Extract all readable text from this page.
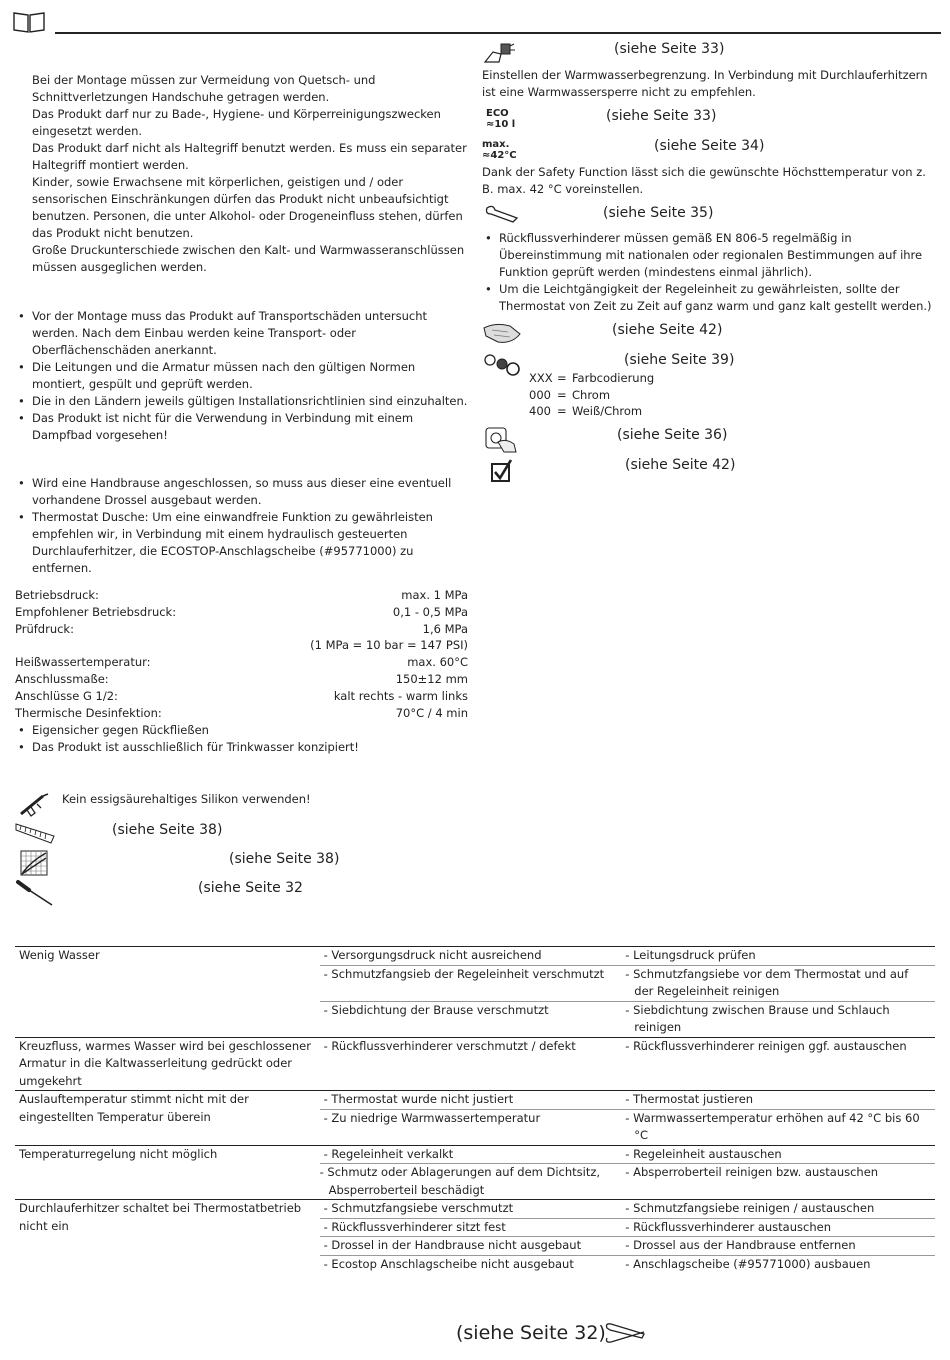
Bei der Montage müssen zur Vermeidung von Quetsch- und Schnittverletzungen Handschuhe getragen werden.

Das Produkt darf nur zu Bade-, Hygiene- und Körperreinigungszwecken eingesetzt werden.

Das Produkt darf nicht als Haltegriff benutzt werden. Es muss ein separater Haltegriff montiert werden.

Kinder, sowie Erwachsene mit körperlichen, geistigen und / oder sensorischen Einschränkungen dürfen das Produkt nicht unbeaufsichtigt benutzen. Personen, die unter Alkohol- oder Drogeneinfluss stehen, dürfen das Produkt nicht benutzen.

Große Druckunterschiede zwischen den Kalt- und Warmwasseranschlüssen müssen ausgeglichen werden.

• Vor der Montage muss das Produkt auf Transportschäden untersucht werden. Nach dem Einbau werden keine Transport- oder Oberflächenschäden anerkannt.
• Die Leitungen und die Armatur müssen nach den gültigen Normen montiert, gespült und geprüft werden.
• Die in den Ländern jeweils gültigen Installationsrichtlinien sind einzuhalten.
• Das Produkt ist nicht für die Verwendung in Verbindung mit einem Dampfbad vorgesehen!
• Wird eine Handbrause angeschlossen, so muss aus dieser eine eventuell vorhandene Drossel ausgebaut werden.
• Thermostat Dusche: Um eine einwandfreie Funktion zu gewährleisten empfehlen wir, in Verbindung mit einem hydraulisch gesteuerten Durchlauferhitzer, die ECOSTOP-Anschlagscheibe (#95771000) zu entfernen.
Betriebsdruck:	max. 1 MPa
Empfohlener Betriebsdruck:	0,1 - 0,5 MPa
Prüfdruck:	1,6 MPa
(1 MPa = 10 bar = 147 PSI)
Heißwassertemperatur:	max. 60°C
Anschlussmaße:	150±12 mm
Anschlüsse G 1/2:	kalt rechts - warm links
Thermische Desinfektion:	70°C / 4 min
• Eigensicher gegen Rückfließen
• Das Produkt ist ausschließlich für Trinkwasser konzipiert!
Kein essigsäurehaltiges Silikon verwenden!
(siehe Seite 38)
(siehe Seite 38)
(siehe Seite 32
(siehe Seite 33)
Einstellen der Warmwasserbegrenzung. In Verbindung mit Durchlauferhitzern ist eine Warmwassersperre nicht zu empfehlen.
ECO
≈10 l
(siehe Seite 33)
max.
≈42°C
(siehe Seite 34)
Dank der Safety Function lässt sich die gewünschte Höchsttemperatur von z. B. max. 42 °C voreinstellen.
(siehe Seite 35)
• Rückflussverhinderer müssen gemäß EN 806-5 regelmäßig in Übereinstimmung mit nationalen oder regionalen Bestimmungen auf ihre Funktion geprüft werden (mindestens einmal jährlich).
• Um die Leichtgängigkeit der Regeleinheit zu gewährleisten, sollte der Thermostat von Zeit zu Zeit auf ganz warm und ganz kalt gestellt werden.)
(siehe Seite 42)
(siehe Seite 39)
XXX = Farbcodierung
000 = Chrom
400 = Weiß/Chrom
(siehe Seite 36)
(siehe Seite 42)
Wenig Wasser	- Versorgungsdruck nicht ausreichend	- Leitungsdruck prüfen
	- Schmutzfangsieb der Regeleinheit verschmutzt	- Schmutzfangsiebe vor dem Thermostat und auf der Regeleinheit reinigen
	- Siebdichtung der Brause verschmutzt	- Siebdichtung zwischen Brause und Schlauch reinigen
Kreuzfluss, warmes Wasser wird bei geschlossener Armatur in die Kaltwasserleitung gedrückt oder umgekehrt	- Rückflussverhinderer verschmutzt / defekt	- Rückflussverhinderer reinigen ggf. austauschen
Auslauftemperatur stimmt nicht mit der eingestellten Temperatur überein	- Thermostat wurde nicht justiert	- Thermostat justieren
	- Zu niedrige Warmwassertemperatur	- Warmwassertemperatur erhöhen auf 42 °C bis 60 °C
Temperaturregelung nicht möglich	- Regeleinheit verkalkt	- Regeleinheit austauschen
	- Schmutz oder Ablagerungen auf dem Dichtsitz, Absperroberteil beschädigt	- Absperroberteil reinigen bzw. austauschen
Durchlauferhitzer schaltet bei Thermostatbetrieb nicht ein	- Schmutzfangsiebe verschmutzt	- Schmutzfangsiebe reinigen / austauschen
	- Rückflussverhinderer sitzt fest	- Rückflussverhinderer austauschen
	- Drossel in der Handbrause nicht ausgebaut	- Drossel aus der Handbrause entfernen
	- Ecostop Anschlagscheibe nicht ausgebaut	- Anschlagscheibe (#95771000) ausbauen
(siehe Seite 32)
